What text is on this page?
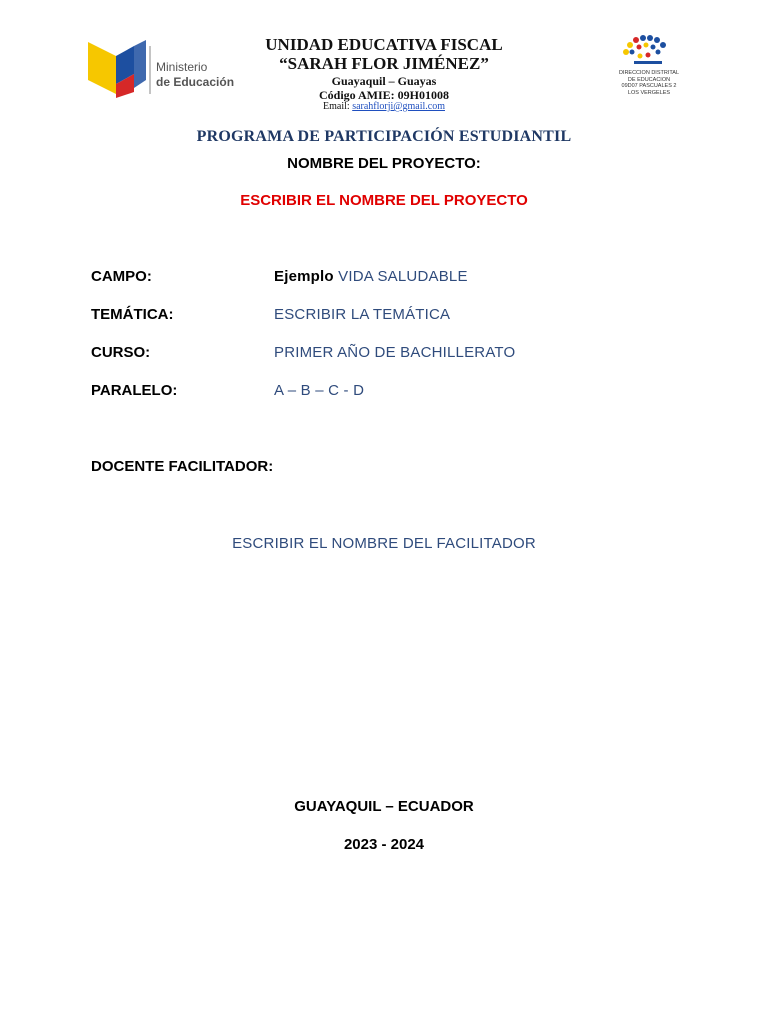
Ministerio
de Educación
UNIDAD EDUCATIVA FISCAL
“SARAH FLOR JIMÉNEZ”
Guayaquil – Guayas
Código AMIE: 09H01008
Email: sarahflorji@gmail.com
DIRECCION DISTRITAL
DE EDUCACION
09D07 PASCUALES 2
LOS VERGELES
PROGRAMA DE PARTICIPACIÓN ESTUDIANTIL
NOMBRE DEL PROYECTO:
ESCRIBIR EL NOMBRE DEL PROYECTO
CAMPO:	Ejemplo VIDA SALUDABLE
TEMÁTICA:	ESCRIBIR LA TEMÁTICA
CURSO:	PRIMER AÑO DE BACHILLERATO
PARALELO:	A – B – C - D
DOCENTE FACILITADOR:
ESCRIBIR EL NOMBRE DEL FACILITADOR
GUAYAQUIL – ECUADOR
2023 - 2024
